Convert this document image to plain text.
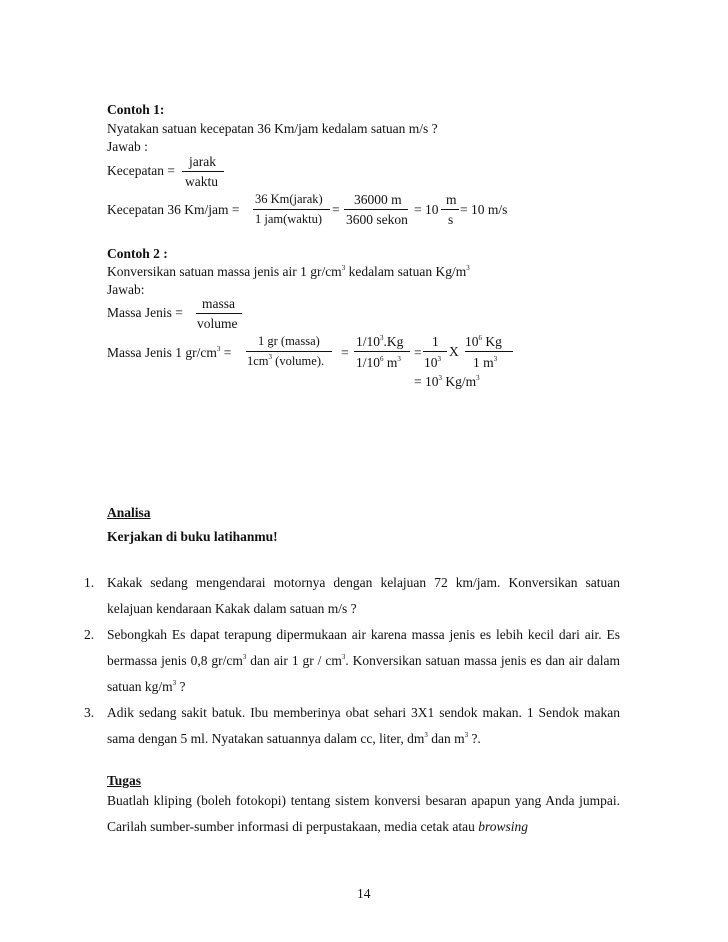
Contoh 1:
Nyatakan satuan kecepatan 36 Km/jam kedalam satuan m/s ?
Jawab :
Kecepatan =
jarak
waktu
Kecepatan 36 Km/jam =
36 Km(jarak)
1 jam(waktu)
=
36000 m
3600 sekon
= 10
m
s
= 10 m/s
Contoh 2 :
Konversikan satuan massa jenis air 1 $gr/cm^3$ kedalam satuan $Kg/m^3$
Jawab:
Massa Jenis =
massa
volume
Massa Jenis 1 $gr/cm^3$ =
1 gr (massa)
$1cm^3$ (volume).
=
$1/10^3.Kg$
$1/10^6$ $m^3$ =
1
$10^3$ X
$10^6$ Kg
1 $m^3$
= $10^3$ $Kg/m^3$
Analisa
Kerjakan di buku latihanmu!

1. Kakak sedang mengendarai motornya dengan kelajuan 72 km/jam. Konversikan satuan kelajuan kendaraan Kakak dalam satuan m/s ?

2. Sebongkah Es dapat terapung dipermukaan air karena massa jenis es lebih kecil dari air. Es bermassa jenis 0,8 $gr/cm^3$ dan air 1 gr / $cm^3$. Konversikan satuan massa jenis es dan air dalam satuan $kg/m^3$ ?

3. Adik sedang sakit batuk. Ibu memberinya obat sehari 3X1 sendok makan. 1 Sendok makan sama dengan 5 ml. Nyatakan satuannya dalam cc, liter, $dm^3$ dan $m^3$ ?.

Tugas

Buatlah kliping (boleh fotokopi) tentang sistem konversi besaran apapun yang Anda jumpai. Carilah sumber-sumber informasi di perpustakaan, media cetak atau browsing

14
